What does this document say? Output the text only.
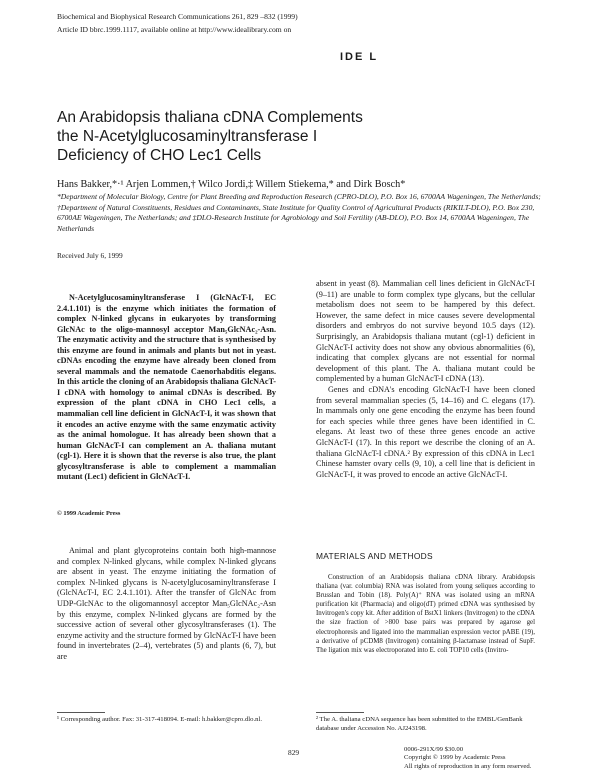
Biochemical and Biophysical Research Communications 261, 829 –832 (1999)
Article ID bbrc.1999.1117, available online at http://www.idealibrary.com on
IDE L
An Arabidopsis thaliana cDNA Complements
the N-Acetylglucosaminyltransferase I
Deficiency of CHO Lec1 Cells
Hans Bakker,*·¹ Arjen Lommen,† Wilco Jordi,‡ Willem Stiekema,* and Dirk Bosch*
*Department of Molecular Biology, Centre for Plant Breeding and Reproduction Research (CPRO-DLO), P.O. Box 16, 6700AA Wageningen, The Netherlands; †Department of Natural Constituents, Residues and Contaminants, State Institute for Quality Control of Agricultural Products (RIKILT-DLO), P.O. Box 230, 6700AE Wageningen, The Netherlands; and ‡DLO-Research Institute for Agrobiology and Soil Fertility (AB-DLO), P.O. Box 14, 6700AA Wageningen, The Netherlands
Received July 6, 1999

N-Acetylglucosaminyltransferase I (GlcNAcT-I, EC 2.4.1.101) is the enzyme which initiates the formation of complex N-linked glycans in eukaryotes by transforming GlcNAc to the oligo-mannosyl acceptor Man₅GlcNAc₂-Asn. The enzymatic activity and the structure that is synthesised by this enzyme are found in animals and plants but not in yeast. cDNAs encoding the enzyme have already been cloned from several mammals and the nematode Caenorhabditis elegans. In this article the cloning of an Arabidopsis thaliana GlcNAcT-I cDNA with homology to animal cDNAs is described. By expression of the plant cDNA in CHO Lec1 cells, a mammalian cell line deficient in GlcNAcT-I, it was shown that it encodes an active enzyme with the same enzymatic activity as the animal homologue. It has already been shown that a human GlcNAcT-I can complement an A. thaliana mutant (cgl-1). Here it is shown that the reverse is also true, the plant glycosyltransferase is able to complement a mammalian mutant (Lec1) deficient in GlcNAcT-I.

© 1999 Academic Press

Animal and plant glycoproteins contain both high-mannose and complex N-linked glycans, while complex N-linked glycans are absent in yeast. The enzyme initiating the formation of complex N-linked glycans is N-acetylglucosaminyltransferase I (GlcNAcT-I, EC 2.4.1.101). After the transfer of GlcNAc from UDP-GlcNAc to the oligomannosyl acceptor Man₅GlcNAc₂-Asn by this enzyme, complex N-linked glycans are formed by the successive action of several other glycosyltransferases (1). The enzyme activity and the structure formed by GlcNAcT-I have been found in invertebrates (2–4), vertebrates (5) and plants (6, 7), but are

absent in yeast (8). Mammalian cell lines deficient in GlcNAcT-I (9–11) are unable to form complex type glycans, but the cellular metabolism does not seem to be hampered by this defect. However, the same defect in mice causes severe developmental disorders and embryos do not survive beyond 10.5 days (12). Surprisingly, an Arabidopsis thaliana mutant (cgl-1) deficient in GlcNAcT-I activity does not show any obvious abnormalities (6), indicating that complex glycans are not essential for normal development of this plant. The A. thaliana mutant could be complemented by a human GlcNAcT-I cDNA (13).

Genes and cDNA's encoding GlcNAcT-I have been cloned from several mammalian species (5, 14–16) and C. elegans (17). In mammals only one gene encoding the enzyme has been found for each species while three genes have been identified in C. elegans. At least two of these three genes encode an active GlcNAcT-I (17). In this report we describe the cloning of an A. thaliana GlcNAcT-I cDNA.² By expression of this cDNA in Lec1 Chinese hamster ovary cells (9, 10), a cell line that is deficient in GlcNAcT-I, it was proved to encode an active GlcNAcT-I.

MATERIALS AND METHODS

Construction of an Arabidopsis thaliana cDNA library. Arabidopsis thaliana (var. columbia) RNA was isolated from young seliques according to Brusslan and Tobin (18). Poly(A)⁺ RNA was isolated using an mRNA purification kit (Pharmacia) and oligo(dT) primed cDNA was synthesised by Invitrogen's copy kit. After addition of BstX1 linkers (Invitrogen) to the cDNA the size fraction of >800 base pairs was prepared by agarose gel electrophoresis and ligated into the mammalian expression vector pABE (19), a derivative of pCDM8 (Invitrogen) containing β-lactamase instead of SupF. The ligation mix was electroporated into E. coli TOP10 cells (Invitro-

¹ Corresponding author. Fax: 31-317-418094. E-mail: h.bakker@cpro.dlo.nl.	² The A. thaliana cDNA sequence has been submitted to the EMBL/GenBank database under Accession No. AJ243198.
829	0006-291X/99 $30.00
Copyright © 1999 by Academic Press
All rights of reproduction in any form reserved.
